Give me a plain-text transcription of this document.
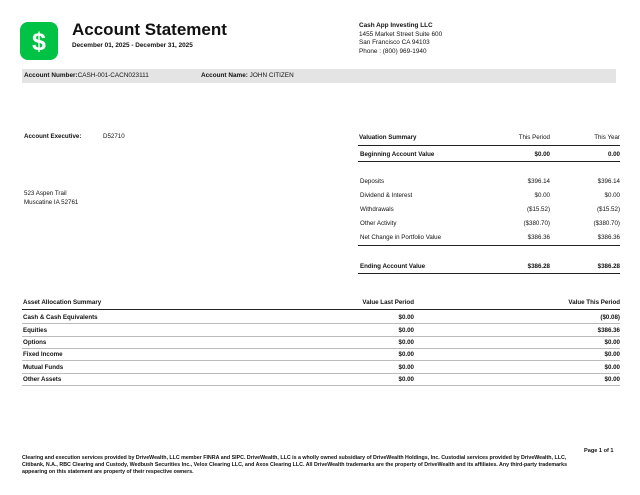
$ Account Statement
December 01, 2025 - December 31, 2025
Cash App Investing LLC
1455 Market Street Suite 600
San Francisco CA 94103
Phone : (800) 969-1940
Account Number:CASH-001-CACN023111	Account Name: JOHN CITIZEN
Account Executive:	D52710
523 Aspen Trail
Muscatine IA 52761
Valuation Summary	This Period	This Year
Beginning Account Value	$0.00	0.00
Deposits	$396.14	$396.14
Dividend & Interest	$0.00	$0.00
Withdrawals	($15.52)	($15.52)
Other Activity	($380.70)	($380.70)
Net Change in Portfolio Value	$386.36	$386.36
Ending Account Value	$386.28	$386.28
Asset Allocation Summary	Value Last Period	Value This Period
Cash & Cash Equivalents	$0.00	($0.08)
Equities	$0.00	$386.36
Options	$0.00	$0.00
Fixed Income	$0.00	$0.00
Mutual Funds	$0.00	$0.00
Other Assets	$0.00	$0.00
Page 1 of 1
Clearing and execution services provided by DriveWealth, LLC member FINRA and SIPC. DriveWealth, LLC is a wholly owned subsidiary of DriveWealth Holdings, Inc. Custodial services provided by DriveWealth, LLC, Citibank, N.A., RBC Clearing and Custody, Wedbush Securities Inc., Velox Clearing LLC, and Axos Clearing LLC. All DriveWealth trademarks are the property of DriveWealth and its affiliates. Any third-party trademarks appearing on this statement are property of their respective owners.
